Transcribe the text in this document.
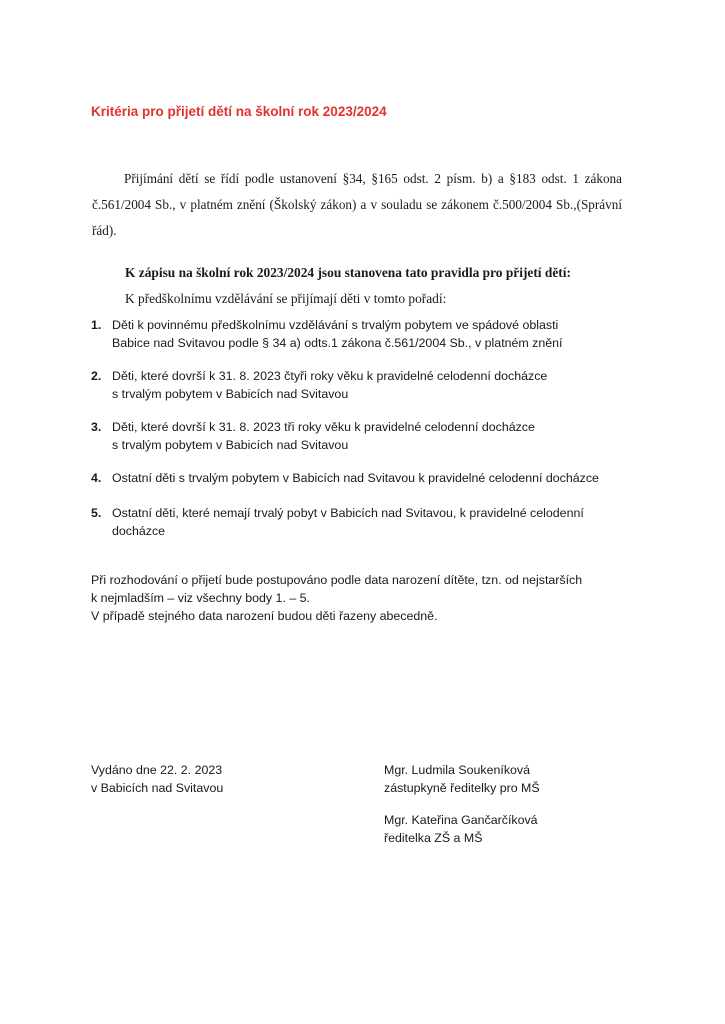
Kritéria pro přijetí dětí na školní rok 2023/2024

Přijímání dětí se řídí podle ustanovení §34, §165 odst. 2 písm. b) a §183 odst. 1 zákona č.561/2004 Sb., v platném znění (Školský zákon) a v souladu se zákonem č.500/2004 Sb.,(Správní řád).

K zápisu na školní rok 2023/2024 jsou stanovena tato pravidla pro přijetí dětí:
K předškolnímu vzdělávání se přijímají děti v tomto pořadí:
1. Děti k povinnému předškolnímu vzdělávání s trvalým pobytem ve spádové oblasti
Babice nad Svitavou podle § 34 a) odts.1 zákona č.561/2004 Sb., v platném znění
2. Děti, které dovrší k 31. 8. 2023 čtyři roky věku k pravidelné celodenní docházce
s trvalým pobytem v Babicích nad Svitavou
3. Děti, které dovrší k 31. 8. 2023 tři roky věku k pravidelné celodenní docházce
s trvalým pobytem v Babicích nad Svitavou
4. Ostatní děti s trvalým pobytem v Babicích nad Svitavou k pravidelné celodenní docházce
5. Ostatní děti, které nemají trvalý pobyt v Babicích nad Svitavou, k pravidelné celodenní
docházce

Při rozhodování o přijetí bude postupováno podle data narození dítěte, tzn. od nejstarších
k nejmladším – viz všechny body 1. – 5.
V případě stejného data narození budou děti řazeny abecedně.

Vydáno dne 22. 2. 2023
v Babicích nad Svitavou
Mgr. Ludmila Soukeníková
zástupkyně ředitelky pro MŠ
Mgr. Kateřina Gančarčíková
ředitelka ZŠ a MŠ
